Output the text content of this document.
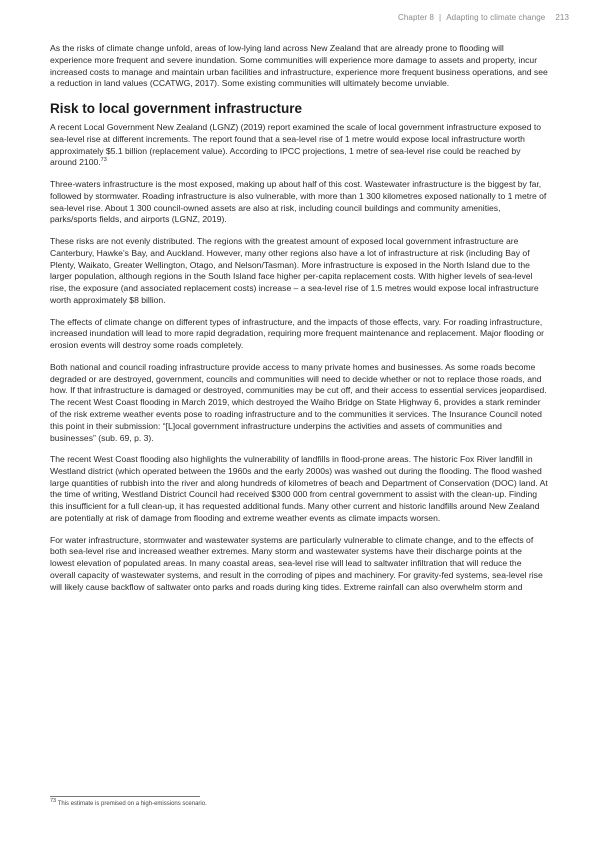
Chapter 8 | Adapting to climate change 213

As the risks of climate change unfold, areas of low-lying land across New Zealand that are already prone to flooding will experience more frequent and severe inundation. Some communities will experience more damage to assets and property, incur increased costs to manage and maintain urban facilities and infrastructure, experience more frequent business operations, and see a reduction in land values (CCATWG, 2017). Some existing communities will ultimately become unviable.

Risk to local government infrastructure

A recent Local Government New Zealand (LGNZ) (2019) report examined the scale of local government infrastructure exposed to sea-level rise at different increments. The report found that a sea-level rise of 1 metre would expose local infrastructure worth approximately $5.1 billion (replacement value). According to IPCC projections, 1 metre of sea-level rise could be reached by around 2100.73

Three-waters infrastructure is the most exposed, making up about half of this cost. Wastewater infrastructure is the biggest by far, followed by stormwater. Roading infrastructure is also vulnerable, with more than 1 300 kilometres exposed nationally to 1 metre of sea-level rise. About 1 300 council-owned assets are also at risk, including council buildings and community amenities, parks/sports fields, and airports (LGNZ, 2019).

These risks are not evenly distributed. The regions with the greatest amount of exposed local government infrastructure are Canterbury, Hawke’s Bay, and Auckland. However, many other regions also have a lot of infrastructure at risk (including Bay of Plenty, Waikato, Greater Wellington, Otago, and Nelson/Tasman). More infrastructure is exposed in the North Island due to the larger population, although regions in the South Island face higher per-capita replacement costs. With higher levels of sea-level rise, the exposure (and associated replacement costs) increase – a sea-level rise of 1.5 metres would expose local infrastructure worth approximately $8 billion.

The effects of climate change on different types of infrastructure, and the impacts of those effects, vary. For roading infrastructure, increased inundation will lead to more rapid degradation, requiring more frequent maintenance and replacement. Major flooding or erosion events will destroy some roads completely.

Both national and council roading infrastructure provide access to many private homes and businesses. As some roads become degraded or are destroyed, government, councils and communities will need to decide whether or not to replace those roads, and how. If that infrastructure is damaged or destroyed, communities may be cut off, and their access to essential services jeopardised. The recent West Coast flooding in March 2019, which destroyed the Waiho Bridge on State Highway 6, provides a stark reminder of the risk extreme weather events pose to roading infrastructure and to the communities it services. The Insurance Council noted this point in their submission: “[L]ocal government infrastructure underpins the activities and assets of communities and businesses” (sub. 69, p. 3).

The recent West Coast flooding also highlights the vulnerability of landfills in flood-prone areas. The historic Fox River landfill in Westland district (which operated between the 1960s and the early 2000s) was washed out during the flooding. The flood washed large quantities of rubbish into the river and along hundreds of kilometres of beach and Department of Conservation (DOC) land. At the time of writing, Westland District Council had received $300 000 from central government to assist with the clean-up. Finding this insufficient for a full clean-up, it has requested additional funds. Many other current and historic landfills around New Zealand are potentially at risk of damage from flooding and extreme weather events as climate impacts worsen.

For water infrastructure, stormwater and wastewater systems are particularly vulnerable to climate change, and to the effects of both sea-level rise and increased weather extremes. Many storm and wastewater systems have their discharge points at the lowest elevation of populated areas. In many coastal areas, sea-level rise will lead to saltwater infiltration that will reduce the overall capacity of wastewater systems, and result in the corroding of pipes and machinery. For gravity-fed systems, sea-level rise will likely cause backflow of saltwater onto parks and roads during king tides. Extreme rainfall can also overwhelm storm and

$^{73}$ This estimate is premised on a high-emissions scenario.
